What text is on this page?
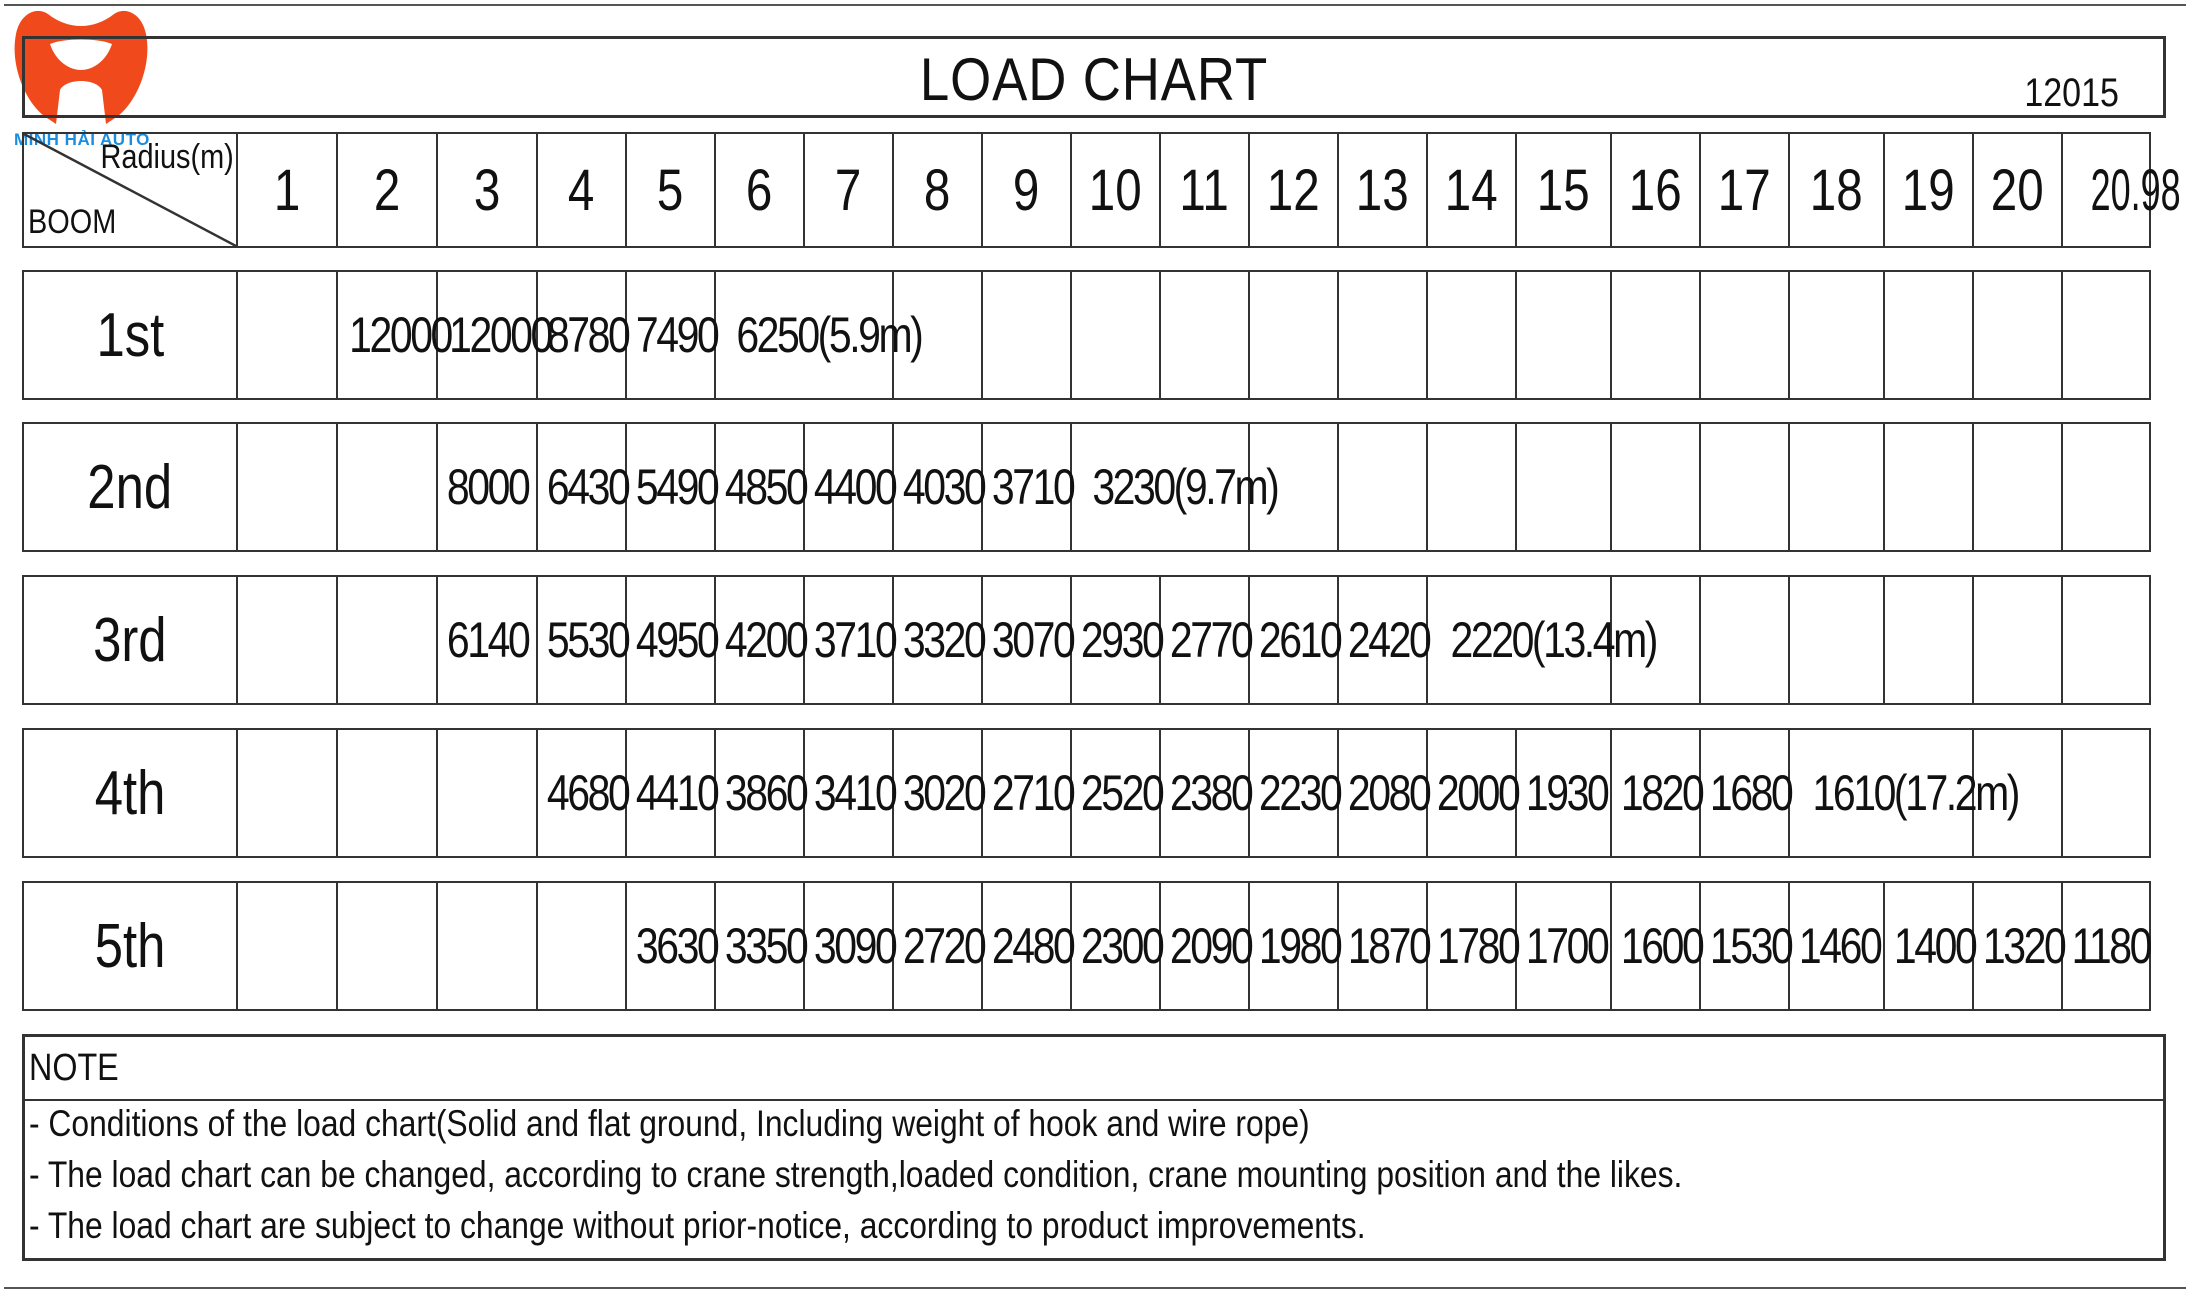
MINH HẢI AUTO
LOAD CHART	12015
Radius(m)
BOOM	1	2	3	4	5	6	7	8	9	10	11	12	13	14	15	16	17	18	19	20	20.98
1st		12000	12000	8780	7490	6250(5.9m)														
2nd			8000	6430	5490	4850	4400	4030	3710	3230(9.7m)										
3rd			6140	5530	4950	4200	3710	3320	3070	2930	2770	2610	2420	2220(13.4m)						
4th				4680	4410	3860	3410	3020	2710	2520	2380	2230	2080	2000	1930	1820	1680	1610(17.2m)		
5th					3630	3350	3090	2720	2480	2300	2090	1980	1870	1780	1700	1600	1530	1460	1400	1320	1180
NOTE
- Conditions of the load chart(Solid and flat ground, Including weight of hook and wire rope)
- The load chart can be changed, according to crane strength,loaded condition, crane mounting position and the likes.
- The load chart are subject to change without prior-notice, according to product improvements.
